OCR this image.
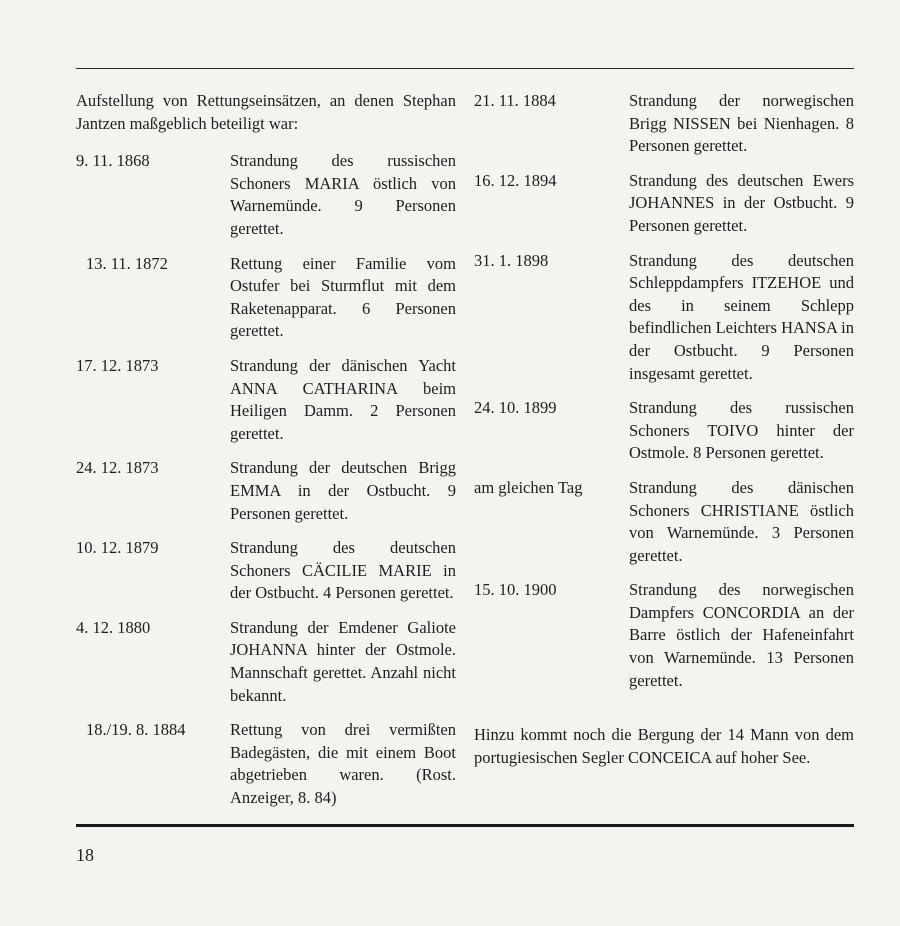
Aufstellung von Rettungseinsätzen, an denen Stephan Jantzen maßgeblich beteiligt war:

9. 11. 1868	Strandung des russischen Schoners MARIA östlich von Warnemünde. 9 Personen gerettet.
13. 11. 1872	Rettung einer Familie vom Ostufer bei Sturmflut mit dem Raketenapparat. 6 Personen gerettet.
17. 12. 1873	Strandung der dänischen Yacht ANNA CATHARINA beim Heiligen Damm. 2 Personen gerettet.
24. 12. 1873	Strandung der deutschen Brigg EMMA in der Ostbucht. 9 Personen gerettet.
10. 12. 1879	Strandung des deutschen Schoners CÄCILIE MARIE in der Ostbucht. 4 Personen gerettet.
4. 12. 1880	Strandung der Emdener Galiote JOHANNA hinter der Ostmole. Mannschaft gerettet. Anzahl nicht bekannt.
18./19. 8. 1884	Rettung von drei vermißten Badegästen, die mit einem Boot abgetrieben waren. (Rost. Anzeiger, 8. 84)
21. 11. 1884	Strandung der norwegischen Brigg NISSEN bei Nienhagen. 8 Personen gerettet.
16. 12. 1894	Strandung des deutschen Ewers JOHANNES in der Ostbucht. 9 Personen gerettet.
31. 1. 1898	Strandung des deutschen Schleppdampfers ITZEHOE und des in seinem Schlepp befindlichen Leichters HANSA in der Ostbucht. 9 Personen insgesamt gerettet.
24. 10. 1899	Strandung des russischen Schoners TOIVO hinter der Ostmole. 8 Personen gerettet.
am gleichen Tag	Strandung des dänischen Schoners CHRISTIANE östlich von Warnemünde. 3 Personen gerettet.
15. 10. 1900	Strandung des norwegischen Dampfers CONCORDIA an der Barre östlich der Hafeneinfahrt von Warnemünde. 13 Personen gerettet.

Hinzu kommt noch die Bergung der 14 Mann von dem portugiesischen Segler CONCEICA auf hoher See.

18
